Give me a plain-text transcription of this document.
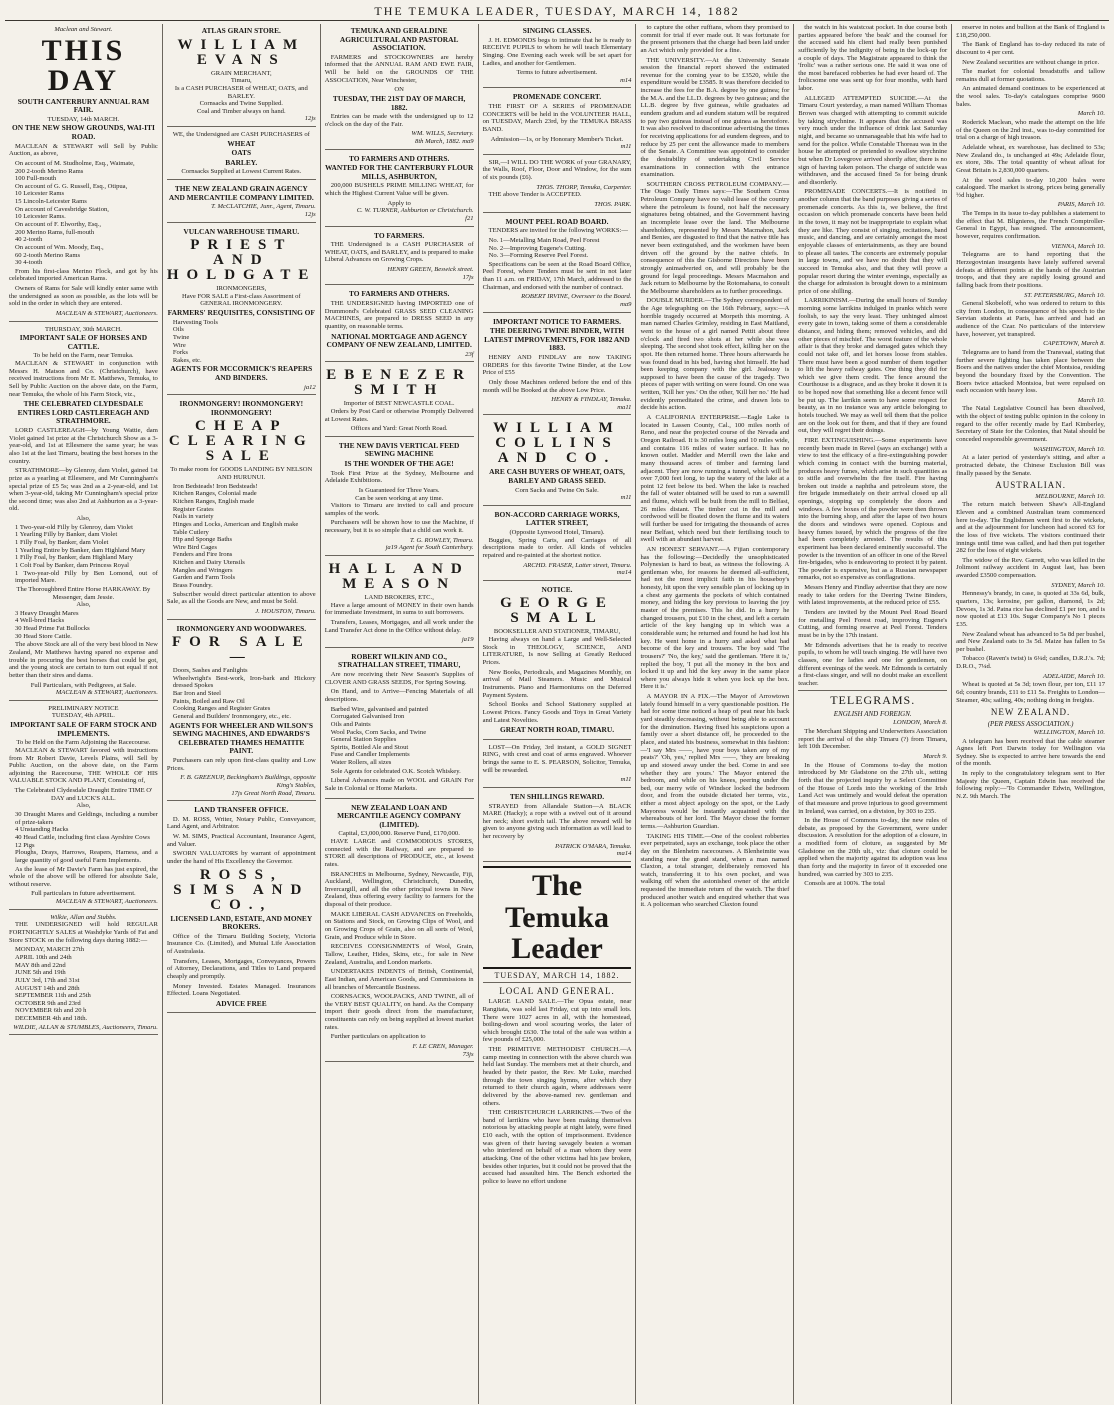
THE TEMUKA LEADER, TUESDAY, MARCH 14, 1882
Maclean and Stewart.
THIS DAY
SOUTH CANTERBURY ANNUAL RAM FAIR.
TUESDAY, 14th MARCH.
ON THE NEW SHOW GROUNDS, WAI-ITI ROAD.

MACLEAN & STEWART will Sell by Public Auction, as above,

On account of M. Studholme, Esq., Waimate,
200 2-tooth Merino Rams
100 Full-mouth
On account of G. G. Russell, Esq., Otipua,
10 Leicester Rams
15 Lincoln-Leicester Rams
On account of Cavesbridge Station,
10 Leicester Rams.
On account of F. Elworthy, Esq.,
200 Merino Rams, full-mouth
40 2-tooth
On account of Wm. Moody, Esq.,
60 2-tooth Merino Rams
30 4-tooth

From his first-class Merino Flock, and got by his celebrated imported American Rams.

Owners of Rams for Sale will kindly enter same with the undersigned as soon as possible, as the lots will be sold in the order in which they are entered.

MACLEAN & STEWART, Auctioneers.
THURSDAY, 30th MARCH.
IMPORTANT SALE OF HORSES AND CATTLE.
To be held on the Farm, near Temuka.

MACLEAN & STEWART in conjunction with Messrs H. Matson and Co. (Christchurch), have received instructions from Mr E. Matthews, Temuka, to Sell by Public Auction on the above date, on the Farm, near Temuka, the whole of his Farm Stock, viz.,

THE CELEBRATED CLYDESDALE ENTIRES LORD CASTLEREAGH AND STRATHMORE.

LORD CASTLEREAGH—by Young Wattie, dam Violet gained 1st prize at the Christchurch Show as a 3-year-old, and 1st at Ellesmere the same year; he was also 1st at the last Timaru, beating the best horses in the country.

STRATHMORE—by Glenroy, dam Violet, gained 1st prize as a yearling at Ellesmere, and Mr Cunningham's special prize of £5 5s; was 2nd as a 2-year-old, and 1st when 3-year-old, taking Mr Cunningham's special prize the second time; was also 2nd at Ashburton as a 3-year-old.

Also,
1 Two-year-old Filly by Glenroy, dam Violet
1 Yearling Filly by Banker, dam Violet
1 Filly Foal, by Banker, dam Violet
1 Yearling Entire by Banker, dam Highland Mary
1 Filly Foal, by Banker, dam Highland Mary
1 Colt Foal by Banker, dam Princess Royal
1 Two-year-old Filly by Ben Lomond, out of imported Mare.
The Thoroughbred Entire Horse HARKAWAY. By Messenger, dam Jessie.
Also,
3 Heavy Draught Mares
4 Well-bred Hacks
30 Head Prime Fat Bullocks
30 Head Store Cattle.

The above Stock are all of the very best blood in New Zealand, Mr Matthews having spared no expense and trouble in procuring the best horses that could be got, and the young stock are certain to turn out equal if not better than their sires and dams.

Full Particulars, with Pedigrees, at Sale.
MACLEAN & STEWART, Auctioneers.
PRELIMINARY NOTICE
TUESDAY, 4th APRIL.
IMPORTANT SALE OF FARM STOCK AND IMPLEMENTS.
To be Held on the Farm Adjoining the Racecourse.

MACLEAN & STEWART favored with instructions from Mr Robert Davie, Levels Plains, will Sell by Public Auction, on the above date, on the Farm adjoining the Racecourse, THE WHOLE OF HIS VALUABLE STOCK AND PLANT, Consisting of,

The Celebrated Clydesdale Draught Entire TIME O' DAY and LUCK'S ALL.
Also,
30 Draught Mares and Geldings, including a number of prize-takers
4 Unstanding Hacks
40 Head Cattle, including first class Ayrshire Cows
12 Pigs
Ploughs, Drays, Harrows, Reapers, Harness, and a large quantity of good useful Farm Implements.

As the lease of Mr Davie's Farm has just expired, the whole of the above will be offered for absolute Sale, without reserve.

Full particulars in future advertisement.
MACLEAN & STEWART, Auctioneers.
Wilkie, Allan and Stubbs.

THE UNDERSIGNED will hold REGULAR FORTNIGHTLY SALES at Washdyke Yards of Fat and Store STOCK on the following days during 1882:—

MONDAY, MARCH 27th
APRIL 10th and 24th
MAY 8th and 22nd
JUNE 5th and 19th
JULY 3rd, 17th and 31st
AUGUST 14th and 28th
SEPTEMBER 11th and 25th
OCTOBER 9th and 23rd
NOVEMBER 6th and 20 h
DECEMBER 4th and 18th.
WILDIE, ALLAN & STUMBLES, Auctioneers, Timaru.
ATLAS GRAIN STORE.
WILLIAM EVANS
GRAIN MERCHANT,
Timaru,
Is a CASH PURCHASER of WHEAT, OATS, and BARLEY.
Cornsacks and Twine Supplied.
Coal and Timber always on hand.
12js
WE, the Undersigned are CASH PURCHASERS of
WHEAT
OATS
BARLEY.
Cornsacks Supplied at Lowest Current Rates.
THE NEW ZEALAND GRAIN AGENCY AND MERCANTILE COMPANY LIMITED.
T. McCLATCHIE, Junr., Agent, Timaru.
12js
VULCAN WAREHOUSE TIMARU.
PRIEST AND HOLDGATE
IRONMONGERS,
Have FOR SALE a First-class Assortment of GENERAL IRONMONGERY.
FARMERS' REQUISITES, CONSISTING OF
Harvesting Tools
Oils
Twine
Wire
Forks
Rakes, etc.
AGENTS FOR MCCORMICK'S REAPERS AND BINDERS.
ja12
IRONMONGERY! IRONMONGERY! IRONMONGERY!
CHEAP CLEARING SALE
To make room for GOODS LANDING BY NELSON AND HURUNUI.
Iron Bedsteads! Iron Bedsteads!
Kitchen Ranges, Colonial made
Kitchen Ranges, English made
Register Grates
Nails in variety
Hinges and Locks, American and English make
Table Cutlery
Hip and Sponge Baths
Wire Bird Cages
Fenders and Fire Irons
Kitchen and Dairy Utensils
Mangles and Wringers
Garden and Farm Tools
Brass Foundry.

Subscriber would direct particular attention to above Sale, as all the Goods are New, and must be Sold.

J. HOUSTON, Timaru.
IRONMONGERY AND WOODWARES.
FOR SALE—
Doors, Sashes and Fanlights
Wheelwright's Best-work, Iron-bark and Hickory dressed Spokes
Bar Iron and Steel
Paints, Boiled and Raw Oil
Cooking Ranges and Register Grates
General and Builders' Ironmongery, etc., etc.
AGENTS FOR WHEELER AND WILSON'S SEWING MACHINES, AND EDWARDS'S CELEBRATED THAMES HEMATITE PAINT.

Purchasers can rely upon first-class quality and Low Prices.

F. B. GREENUP, Beckingham's Buildings, opposite King's Stables,
17js Great North Road, Timaru.
LAND TRANSFER OFFICE.

D. M. ROSS, Writer, Notary Public, Conveyancer, Land Agent, and Arbitrator.

W. M. SIMS, Practical Accountant, Insurance Agent, and Valuer.

SWORN VALUATORS by warrant of appointment under the hand of His Excellency the Governor.

ROSS, SIMS AND CO.,
LICENSED LAND, ESTATE, AND MONEY BROKERS.

Office of the Timaru Building Society, Victoria Insurance Co. (Limited), and Mutual Life Association of Australasia.

Transfers, Leases, Mortgages, Conveyances, Powers of Attorney, Declarations, and Titles to Land prepared cheaply and promptly.

Money Invested. Estates Managed. Insurances Effected. Loans Negotiated.

ADVICE FREE
TEMUKA AND GERALDINE AGRICULTURAL AND PASTORAL ASSOCIATION.

FARMERS and STOCKOWNERS are hereby informed that the ANNUAL RAM AND EWE FAIR, Will be held on the GROUNDS OF THE ASSOCIATION, Near Winchester,

ON
TUESDAY, THE 21ST DAY OF MARCH, 1882.

Entries can be made with the undersigned up to 12 o'clock on the day of the Fair.

WM. WILLS, Secretary.
8th March, 1882. ma9
TO FARMERS AND OTHERS.
WANTED FOR THE CANTERBURY FLOUR MILLS, ASHBURTON,

200,000 BUSHELS PRIME MILLING WHEAT, for which the Highest Current Value will be given.

Apply to
C. W. TURNER, Ashburton or Christchurch.
f21
TO FARMERS.

THE Undersigned is a CASH PURCHASER of WHEAT, OATS, and BARLEY, and is prepared to make Liberal Advances on Growing Crops.

HENRY GREEN, Beswick street.
17js
TO FARMERS AND OTHERS.

THE UNDERSIGNED having IMPORTED one of Drummond's Celebrated GRASS SEED CLEANING MACHINES, are prepared to DRESS SEED in any quantity, on reasonable terms.

NATIONAL MORTGAGE AND AGENCY COMPANY OF NEW ZEALAND, LIMITED.
23f
EBENEZER SMITH
Importer of BEST NEWCASTLE COAL.

Orders by Post Card or otherwise Promptly Delivered at Lowest Rates.

Offices and Yard: Great North Road.
THE NEW DAVIS VERTICAL FEED SEWING MACHINE
IS THE WONDER OF THE AGE!

Took First Prize at the Sydney, Melbourne and Adelaide Exhibitions.

Is Guaranteed for Three Years.
Can be seen working at any time.

Visitors to Timaru are invited to call and procure samples of the work.

Purchasers will be shown how to use the Machine, if necessary, but it is so simple that a child can work it.

T. G. ROWLEY, Timaru.
ja19 Agent for South Canterbury.
HALL AND MEASON
LAND BROKERS, ETC.,

Have a large amount of MONEY in their own hands for immediate Investment, in sums to suit borrowers.

Transfers, Leases, Mortgages, and all work under the Land Transfer Act done in the Office without delay.

ja19
ROBERT WILKIN AND CO., STRATHALLAN STREET, TIMARU,

Are now receiving their New Season's Supplies of CLOVER AND GRASS SEEDS, For Spring Sowing.

On Hand, and to Arrive—Fencing Materials of all descriptions.

Barbed Wire, galvanised and painted
Corrugated Galvanised Iron
Oils and Paints
Wool Packs, Corn Sacks, and Twine
General Station Supplies
Spirits, Bottled Ale and Stout
Fuse and Candler Implements
Water Rollers, all sizes

Sole Agents for celebrated O.K. Scotch Whiskey.

Liberal Advances made on WOOL and GRAIN For Sale in Colonial or Home Markets.

NEW ZEALAND LOAN AND MERCANTILE AGENCY COMPANY (LIMITED).
Capital, £3,000,000. Reserve Fund, £170,000.

HAVE LARGE and COMMODIOUS STORES, connected with the Railway, and are prepared to STORE all descriptions of PRODUCE, etc., at lowest rates.

BRANCHES in Melbourne, Sydney, Newcastle, Fiji, Auckland, Wellington, Christchurch, Dunedin, Invercargill, and all the other principal towns in New Zealand, thus offering every facility to farmers for the disposal of their produce.

MAKE LIBERAL CASH ADVANCES on Freeholds, on Stations and Stock, on Growing Clips of Wool, and on Growing Crops of Grain, also on all sorts of Wool, Grain, and Produce while in Store.

RECEIVES CONSIGNMENTS of Wool, Grain, Tallow, Leather, Hides, Skins, etc., for sale in New Zealand, Australia, and London markets.

UNDERTAKES INDENTS of British, Continental, East Indian, and American Goods, and Commissions in all branches of Mercantile Business.

CORNSACKS, WOOLPACKS, AND TWINE, all of the VERY BEST QUALITY, on hand. As the Company import their goods direct from the manufacturer, constituents can rely on being supplied at lowest market rates.

Further particulars on application to

F. LE CREN, Manager.
73js
SINGING CLASSES.

J. H. EDMONDS begs to intimate that he is ready to RECEIVE PUPILS to whom he will teach Elementary Singing. One Evening each week will be set apart for Ladies, and another for Gentlemen.

Terms to future advertisement.
m14
PROMENADE CONCERT.

THE FIRST OF A SERIES of PROMENADE CONCERTS will be held in the VOLUNTEER HALL, on TUESDAY, March 23rd, by the TEMUKA BRASS BAND.

Admission—1s, or by Honorary Member's Ticket.
m11

SIR,—I WILL DO THE WORK of your GRANARY, the Walls, Roof, Floor, Door and Window, for the sum of six pounds (£6).

THOS. THORP, Temuka, Carpenter.

THE above Tender is ACCEPTED.

THOS. PARK.
MOUNT PEEL ROAD BOARD.

TENDERS are invited for the following WORKS:—

No. 1—Metalling Main Road, Peel Forest
No. 2—Improving Eugene's Cutting.
No. 3—Forming Reserve Peel Forest.

Specifications can be seen at the Road Board Office, Peel Forest, where Tenders must be sent in not later than 11 a.m. on FRIDAY, 17th March, addressed to the Chairman, and endorsed with the number of contract.

ROBERT IRVINE, Overseer to the Board.
ma9
IMPORTANT NOTICE TO FARMERS.
THE DEERING TWINE BINDER, WITH LATEST IMPROVEMENTS, FOR 1882 AND 1883.

HENRY AND FINDLAY are now TAKING ORDERS for this favorite Twine Binder, at the Low Price of £55

Only those Machines ordered before the end of this month will be Booked at the above Low Price.

HENRY & FINDLAY, Temuka.
ma11
WILLIAM COLLINS AND CO.
ARE CASH BUYERS OF WHEAT, OATS, BARLEY AND GRASS SEED.
Corn Sacks and Twine On Sale.
m11
BON-ACCORD CARRIAGE WORKS, LATTER STREET,
(Opposite Lynwood Hotel, Timaru).

Buggies, Spring Carts, and Carriages of all descriptions made to order. All kinds of vehicles repaired and re-painted at the shortest notice.

ARCHD. FRASER, Latter street, Timaru.
ma14
NOTICE.
GEORGE SMALL
BOOKSELLER AND STATIONER, TIMARU,

Having always on hand a Large and Well-Selected Stock in THEOLOGY, SCIENCE, AND LITERATURE, Is now Selling at Greatly Reduced Prices.

New Books, Periodicals, and Magazines Monthly, on arrival of Mail Steamers. Music and Musical Instruments. Piano and Harmoniums on the Deferred Payment System.

School Books and School Stationery supplied at Lowest Prices. Fancy Goods and Toys in Great Variety and Latest Novelties.

GREAT NORTH ROAD, TIMARU.

LOST—On Friday, 3rd instant, a GOLD SIGNET RING, with crest and coat of arms engraved. Whoever brings the same to E. S. PEARSON, Solicitor, Temuka, will be rewarded.

m11
TEN SHILLINGS REWARD.

STRAYED from Allandale Station—A BLACK MARE (Hacky); a rope with a swivel out of it around her neck; short switch tail. The above reward will be given to anyone giving such information as will lead to her recovery by

PATRICK O'MARA, Temuka.
ma14
The Temuka Leader
TUESDAY, MARCH 14, 1882.
LOCAL AND GENERAL.

LARGE LAND SALE.—The Opua estate, near Rangitata, was sold last Friday, cut up into small lots. There were 1027 acres in all, with the homestead, boiling-down and wool scouring works, the later of which brought £630. The total of the sale was within a few pounds of £25,000.

THE PRIMITIVE METHODIST CHURCH.—A camp meeting in connection with the above church was held last Sunday. The members met at their church, and headed by their pastor, the Rev. Mr Luke, marched through the town singing hymns, after which they returned to their church again, where addresses were delivered by the above-named rev. gentleman and others.

THE CHRISTCHURCH LARRIKINS.—Two of the band of larrikins who have been making themselves notorious by attacking people at night lately, were fined £10 each, with the option of imprisonment. Evidence was given of their having savagely beaten a woman who interfered on behalf of a man whom they were attacking. One of the other victims had his jaw broken, besides other injuries, but it could not be proved that the accused had assaulted him. The Bench exhorted the police to leave no effort undone

to capture the other ruffians, whom they promised to commit for trial if ever made out. It was fortunate for the present prisoners that the charge had been laid under an Act which only provided for a fine.

THE UNIVERSITY.—At the University Senate session the financial report showed the estimated revenue for the coming year to be £3520, while the expenditure would be £3585. It was therefore decided to increase the fees for the B.A. degree by one guinea; for the M.A. and the LL.D. degrees by two guineas; and the LL.B. degree by five guineas, while graduates ad eundem gradum and ad eundem statum will be required to pay two guineas instead of one guinea as heretofore. It was also resolved to discontinue advertising the times for receiving applications for ad eundem degrees, and to reduce by 25 per cent the allowance made to members of the Senate. A Committee was appointed to consider the desirability of undertaking Civil Service examinations in connection with the entrance examination.

SOUTHERN CROSS PETROLEUM COMPANY.—The Otago Daily Times says:—The Southern Cross Petroleum Company have no valid lease of the country where the petroleum is found, not half the necessary signatures being obtained, and the Government having an incomplete lease over the land. The Melbourne shareholders, represented by Messrs Macmahon, Jack and Benies, are disgusted to find that the native title has never been extinguished, and the workmen have been driven off the ground by the native chiefs. In consequence of this the Gisborne Directors have been strongly animadverted on, and will probably be the ground for legal proceedings. Messrs Macmahon and Jack return to Melbourne by the Rotomahana, to consult the Melbourne shareholders as to further proceedings.

DOUBLE MURDER.—The Sydney correspondent of the Age telegraphing on the 16th February, says:—A horrible tragedy occurred at Morpeth this morning. A man named Charles Grimley, residing in East Maitland, went to the house of a girl named Pettit about three o'clock and fired two shots at her while she was sleeping. The second shot took effect, killing her on the spot. He then returned home. Three hours afterwards he was found dead in his bed, having shot himself. He had been keeping company with the girl. Jealousy is supposed to have been the cause of the tragedy. Two pieces of paper with writing on were found. On one was written, 'Kill her yes.' On the other, 'Kill her no.' He had evidently premeditated the crime, and drawn lots to decide his action.

A CALIFORNIA ENTERPRISE.—Eagle Lake is located in Lassen County, Cal., 100 miles north of Reno, and near the projected course of the Nevada and Oregon Railroad. It is 30 miles long and 10 miles wide, and contains 116 miles of water surface. It has no known outlet. Madder and Merrill own the lake and many thousand acres of timber and farming land adjacent. They are now running a tunnel, which will be over 7,000 feet long, to tap the watery of the lake at a point 12 feet below its bed. When the lake is reached the fall of water obtained will be used to run a sawmill and flume, which will be built from the mill to Belfast, 26 miles distant. The timber cut in the mill and cordwood will be floated down the flume and its waters will further be used for irrigating the thousands of acres near Belfast, which need but their fertilising touch to swell with an abundant harvest.

AN HONEST SERVANT.—A Fijian contemporary has the following:—Decidedly the unsophisticated Polynesian is hard to beat, as witness the following. A gentleman who, for reasons he deemed all-sufficient, had not the most implicit faith in his houseboy's honesty, hit upon the very sensible plan of locking up in a chest any garments the pockets of which contained money, and hiding the key previous to leaving the joy master of the premises. This he did. In a hurry he changed trousers, put £10 in the chest, and left a certain article of the key hanging up in which was a considerable sum; he returned and found he had lost his key. He went home in a hurry and asked what had become of the key and trousers. The boy said 'The trousers?' 'No, the key,' said the gentleman. 'Here it is,' replied the boy, 'I put all the money in the box and locked it up and hid the key away in the same place where you always hide it when you lock up the box. Here it is.'

A MAYOR IN A FIX.—The Mayor of Arrowtown lately found himself in a very questionable position. He had for some time noticed a heap of peat near his back yard steadily decreasing, without being able to account for the diminution. Having fixed his suspicions upon a family over a short distance off, he proceeded to the place, and stated his business, somewhat in this fashion:—'I say Mrs ——, have your boys taken any of my peats?' 'Oh, yes,' replied Mrs ——, 'they are breaking up and stowed away under the bed. Come in and see whether they are yours.' The Mayor entered the bedroom, and while on his knees, peering under the bed, our merry wife of Windsor locked the bedroom door, and from the outside dictated her terms, viz., either a most abject apology on the spot, or the Lady Mayoress would be instantly acquainted with the whereabouts of her lord. The Mayor chose the former terms.—Ashburton Guardian.

TAKING HIS TIME.—One of the coolest robberies ever perpetrated, says an exchange, took place the other day on the Blenheim racecourses. A Blenheimite was standing near the grand stand, when a man named Claxton, a total stranger, deliberately removed his watch, transferring it to his own pocket, and was walking off when the astonished owner of the article requested the immediate return of the watch. The thief produced another watch and enquired whether that was it. A policeman who searched Claxton found

the watch in his waistcoat pocket. In due course both parties appeared before 'the beak' and the counsel for the accused said his client had really been punished sufficiently by the indignity of being in the lock-up for a couple of days. The Magistrate appeared to think the 'frolic' was a rather serious one. He said it was one of the most barefaced robberies he had ever heard of. The frolicsome one was sent up for four months, with hard labor.

ALLEGED ATTEMPTED SUICIDE.—At the Timaru Court yesterday, a man named William Thomas Brown was charged with attempting to commit suicide by taking strychnine. It appears that the accused was very much under the influence of drink last Saturday night, and became so unmanageable that his wife had to send for the police. While Constable Thoreau was in the house he attempted or pretended to swallow strychnine but when Dr Lovegrove arrived shortly after, there is no sign of having taken poison. The charge of suicide was withdrawn, and the accused fined 5s for being drunk and disorderly.

PROMENADE CONCERTS.—It is notified in another column that the band purposes giving a series of promenade concerts. As this is, we believe, the first occasion on which promenade concerts have been held in the town, it may not be inappropriate to explain what they are like. They consist of singing, recitations, band music, and dancing, and are certainly amongst the most enjoyable classes of entertainments, as they are bound to please all tastes. The concerts are extremely popular in large towns, and we have no doubt that they will succeed in Temuka also, and that they will prove a popular resort during the winter evenings, especially as the charge for admission is brought down to a minimum price of one shilling.

LARRIKINISM.—During the small hours of Sunday morning some larrikins indulged in pranks which were foolish, to say the very least. They unhinged almost every gate in town, taking some of them a considerable distance, and hiding them; removed vehicles, and did other pieces of mischief. The worst feature of the whole affair is that they broke and damaged gates which they could not take off, and let horses loose from stables. There must have been a good number of them together to lift the heavy railway gates. One thing they did for which we give them credit. The fence around the Courthouse is a disgrace, and as they broke it down it is to be hoped now that something like a decent fence will be put up. The larrikin seem to have some respect for beauty, as in no instance was any article belonging to hotels touched. We may as well tell them that the police are on the look out for them, and that if they are found out, they will regret their doings.

FIRE EXTINGUISHING.—Some experiments have recently been made in Revel (says an exchange) with a view to test the efficacy of a fire-extinguishing powder which coming in contact with the burning material, produces heavy fumes, which arise in such quantities as to stifle and overwhelm the fire itself. Fire having broken out inside a naphtha and petroleum store, the fire brigade immediately on their arrival closed up all openings, stopping up completely the doors and windows. A few boxes of the powder were then thrown into the burning shop, and after the lapse of two hours the doors and windows were opened. Copious and heavy fumes issued, by which the progress of the fire had been completely arrested. The results of this experiment has been declared eminently successful. The powder is the invention of an officer in one of the Revel fire-brigades, who is endeavoring to protect it by patent. The powder is expensive, but as a Russian newspaper remarks, not so expensive as conflagrations.

Messrs Henry and Findlay advertise that they are now ready to take orders for the Deering Twine Binders, with latest improvements, at the reduced price of £55.

Tenders are invited by the Mount Peel Road Board for metalling Peel Forest road, improving Eugene's Cutting, and forming reserve at Peel Forest. Tenders must be in by the 17th instant.

Mr Edmonds advertises that he is ready to receive pupils, to whom he will teach singing. He will have two classes, one for ladies and one for gentlemen, on different evenings of the week. Mr Edmonds is certainly a first-class singer, and will no doubt make an excellent teacher.

TELEGRAMS.
ENGLISH AND FOREIGN.
LONDON, March 8.

The Merchant Shipping and Underwriters Association report the arrival of the ship Timaru (?) from Timaru, left 10th December.

March 9.

In the House of Commons to-day the motion introduced by Mr Gladstone on the 27th ult., setting forth that the projected inquiry by a Select Committee of the House of Lords into the working of the Irish Land Act was untimely and would defeat the operation of that measure and prove injurious to good government in Ireland, was carried, on a division, by 303 to 235.

In the House of Commons to-day, the new rules of debate, as proposed by the Government, were under discussion. A resolution for the adoption of a closure, in a modified form of cloture, as suggested by Mr Gladstone on the 20th ult., viz: that cloture could be applied when the majority against its adoption was less than forty and the majority in favor of it exceeded one hundred, was carried by 303 to 235.

Consols are at 100⅝. The total

reserve in notes and bullion at the Bank of England is £18,250,000.

The Bank of England has to-day reduced its rate of discount to 4 per cent.

New Zealand securities are without change in price.

The market for colonial breadstuffs and tallow remains dull at former quotations.

An animated demand continues to be experienced at the wool sales. To-day's catalogues comprise 9600 bales.

March 10.

Roderick Maclean, who made the attempt on the life of the Queen on the 2nd inst., was to-day committed for trial on a charge of high treason.

Adelaide wheat, ex warehouse, has declined to 53s; New Zealand do., is unchanged at 49s; Adelaide flour, ex store, 38s. The total quantity of wheat afloat for Great Britain is 2,830,000 quarters.

At the wool sales to-day 10,200 bales were catalogued. The market is strong, prices being generally ½d higher.

PARIS, March 10.

The Temps in its issue to-day publishes a statement to the effect that M. Blignieres, the French Comptroller-General in Egypt, has resigned. The announcement, however, requires confirmation.

VIENNA, March 10.

Telegrams are to hand reporting that the Herzegovinian insurgents have lately suffered several defeats at different points at the hands of the Austrian troops, and that they are rapidly losing ground and falling back from their positions.

ST. PETERSBURG, March 10.

General Skobeloff, who was ordered to return to this city from London, in consequence of his speech to the Servian students at Paris, has arrived and had an audience of the Czar. No particulars of the interview have, however, yet transpired.

CAPETOWN, March 8.

Telegrams are to hand from the Transvaal, stating that further severe fighting has taken place between the Boers and the natives under the chief Montsioa, residing beyond the boundary fixed by the Convention. The Boers twice attacked Montsioa, but were repulsed on each occasion with heavy loss.

March 10.

The Natal Legislative Council has been dissolved, with the object of testing public opinion in the colony in regard to the offer recently made by Earl Kimberley, Secretary of State for the Colonies, that Natal should be conceded responsible government.

WASHINGTON, March 10.

At a later period of yesterday's sitting, and after a protracted debate, the Chinese Exclusion Bill was finally passed by the Senate.

AUSTRALIAN.
MELBOURNE, March 10.

The return match between Shaw's All-England Eleven and a combined Australian team commenced here to-day. The Englishmen went first to the wickets, and at the adjournment for luncheon had scored 63 for the loss of five wickets. The visitors continued their innings until time was called, and had then put together 282 for the loss of eight wickets.

The widow of the Rev. Garrett, who was killed in the Jolimont railway accident in August last, has been awarded £3500 compensation.

SYDNEY, March 10.

Hennessy's brandy, in case, is quoted at 33s 6d, bulk, quarters, 13s; kerosine, per gallon, diamond, 1s 2d; Devoes, 1s 3d. Patna rice has declined £1 per ton, and is now quoted at £13 10s. Sugar Company's No 1 pieces £35.

New Zealand wheat has advanced to 5s 8d per bushel, and New Zealand oats to 3s 5d. Maize has fallen to 5s per bushel.

Tobacco (Raven's twist) is 6¼d; candles, D.R.J.'s. 7d; D.R.O., 7¼d.

ADELAIDE, March 10.

Wheat is quoted at 5s 3d; town flour, per ton, £11 17 6d; country brands, £11 to £11 5s. Freights to London—Steamer, 40s; sailing, 40s; nothing doing in freights.

NEW ZEALAND.
(PER PRESS ASSOCIATION.)
WELLINGTON, March 10.

A telegram has been received that the cable steamer Agnes left Port Darwin today for Wellington via Sydney. She is expected to arrive here towards the end of the month.

In reply to the congratulatory telegram sent to Her Majesty the Queen, Captain Edwin has received the following reply:—'To Commander Edwin, Wellington, N.Z. 9th March. The
